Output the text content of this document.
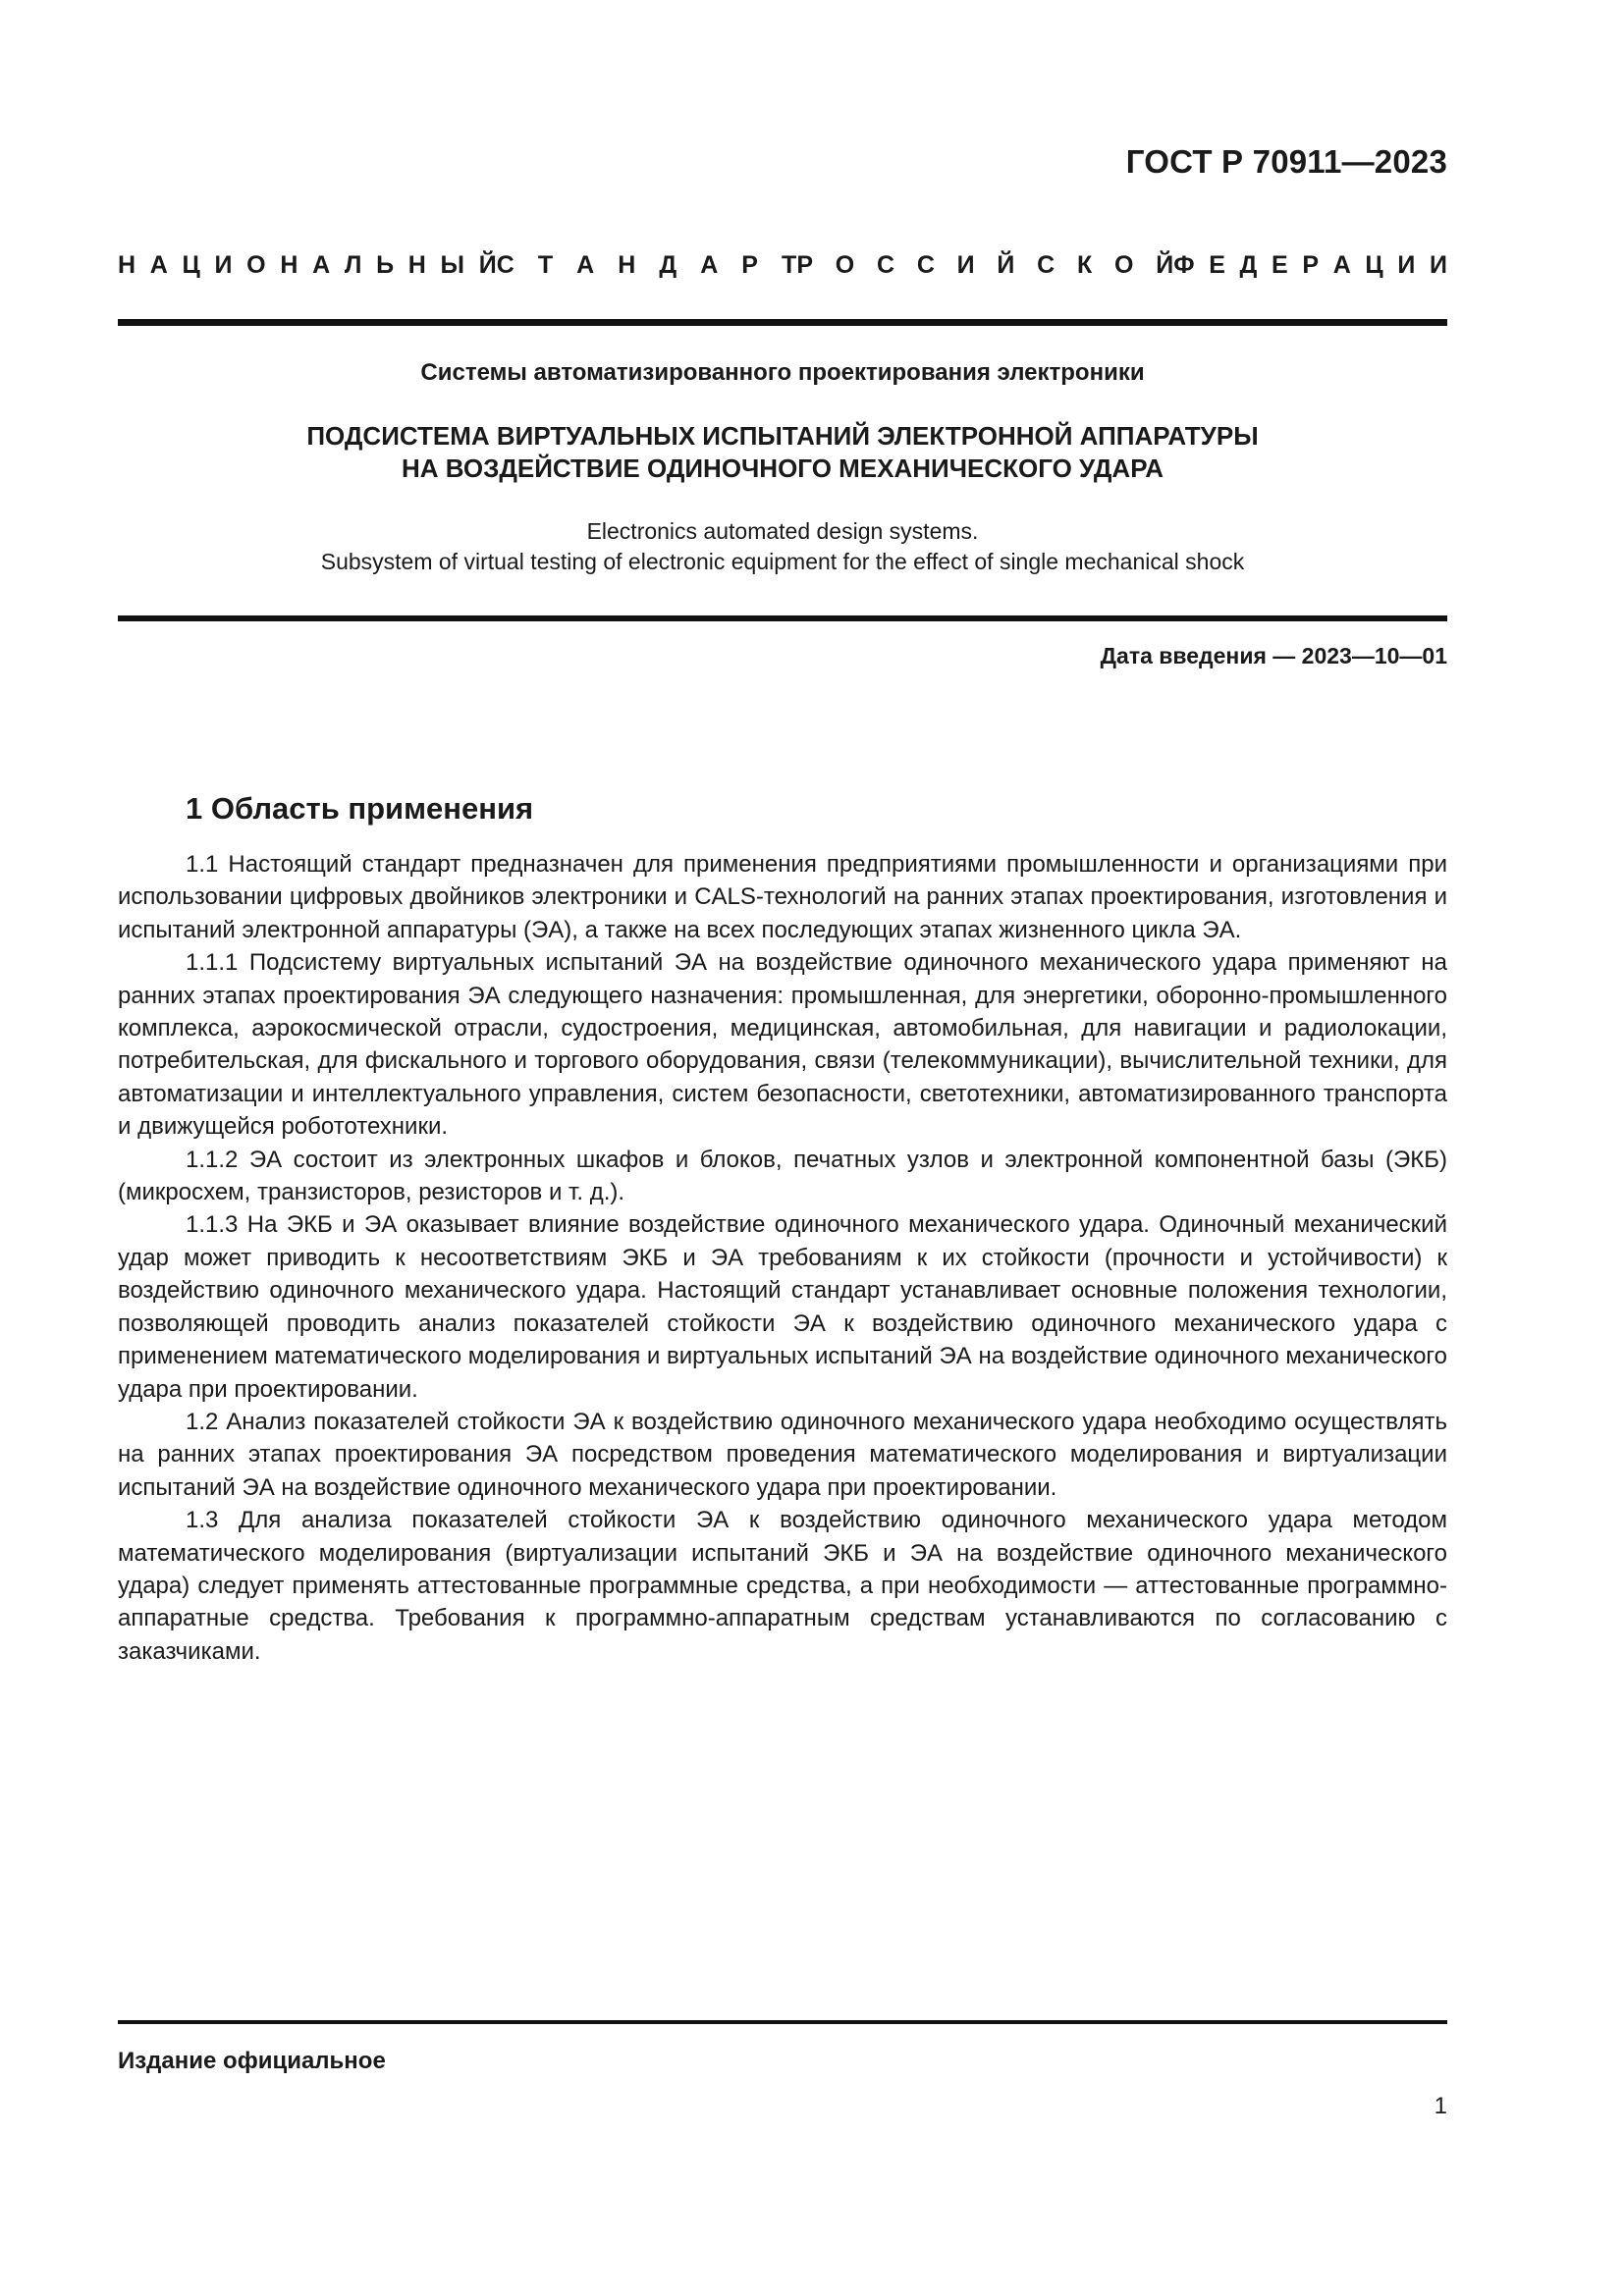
ГОСТ Р 70911—2023
Н А Ц И О Н А Л Ь Н Ы Й С Т А Н Д А Р Т Р О С С И Й С К О Й Ф Е Д Е Р А Ц И И
Системы автоматизированного проектирования электроники
ПОДСИСТЕМА ВИРТУАЛЬНЫХ ИСПЫТАНИЙ ЭЛЕКТРОННОЙ АППАРАТУРЫ
НА ВОЗДЕЙСТВИЕ ОДИНОЧНОГО МЕХАНИЧЕСКОГО УДАРА
Electronics automated design systems.
Subsystem of virtual testing of electronic equipment for the effect of single mechanical shock
Дата введения — 2023—10—01
1 Область применения

1.1 Настоящий стандарт предназначен для применения предприятиями промышленности и организациями при использовании цифровых двойников электроники и CALS-технологий на ранних этапах проектирования, изготовления и испытаний электронной аппаратуры (ЭА), а также на всех последующих этапах жизненного цикла ЭА.

1.1.1 Подсистему виртуальных испытаний ЭА на воздействие одиночного механического удара применяют на ранних этапах проектирования ЭА следующего назначения: промышленная, для энергетики, оборонно-промышленного комплекса, аэрокосмической отрасли, судостроения, медицинская, автомобильная, для навигации и радиолокации, потребительская, для фискального и торгового оборудования, связи (телекоммуникации), вычислительной техники, для автоматизации и интеллектуального управления, систем безопасности, светотехники, автоматизированного транспорта и движущейся робототехники.

1.1.2 ЭА состоит из электронных шкафов и блоков, печатных узлов и электронной компонентной базы (ЭКБ) (микросхем, транзисторов, резисторов и т. д.).

1.1.3 На ЭКБ и ЭА оказывает влияние воздействие одиночного механического удара. Одиночный механический удар может приводить к несоответствиям ЭКБ и ЭА требованиям к их стойкости (прочности и устойчивости) к воздействию одиночного механического удара. Настоящий стандарт устанавливает основные положения технологии, позволяющей проводить анализ показателей стойкости ЭА к воздействию одиночного механического удара с применением математического моделирования и виртуальных испытаний ЭА на воздействие одиночного механического удара при проектировании.

1.2 Анализ показателей стойкости ЭА к воздействию одиночного механического удара необходимо осуществлять на ранних этапах проектирования ЭА посредством проведения математического моделирования и виртуализации испытаний ЭА на воздействие одиночного механического удара при проектировании.

1.3 Для анализа показателей стойкости ЭА к воздействию одиночного механического удара методом математического моделирования (виртуализации испытаний ЭКБ и ЭА на воздействие одиночного механического удара) следует применять аттестованные программные средства, а при необходимости — аттестованные программно-аппаратные средства. Требования к программно-аппаратным средствам устанавливаются по согласованию с заказчиками.

Издание официальное
1
